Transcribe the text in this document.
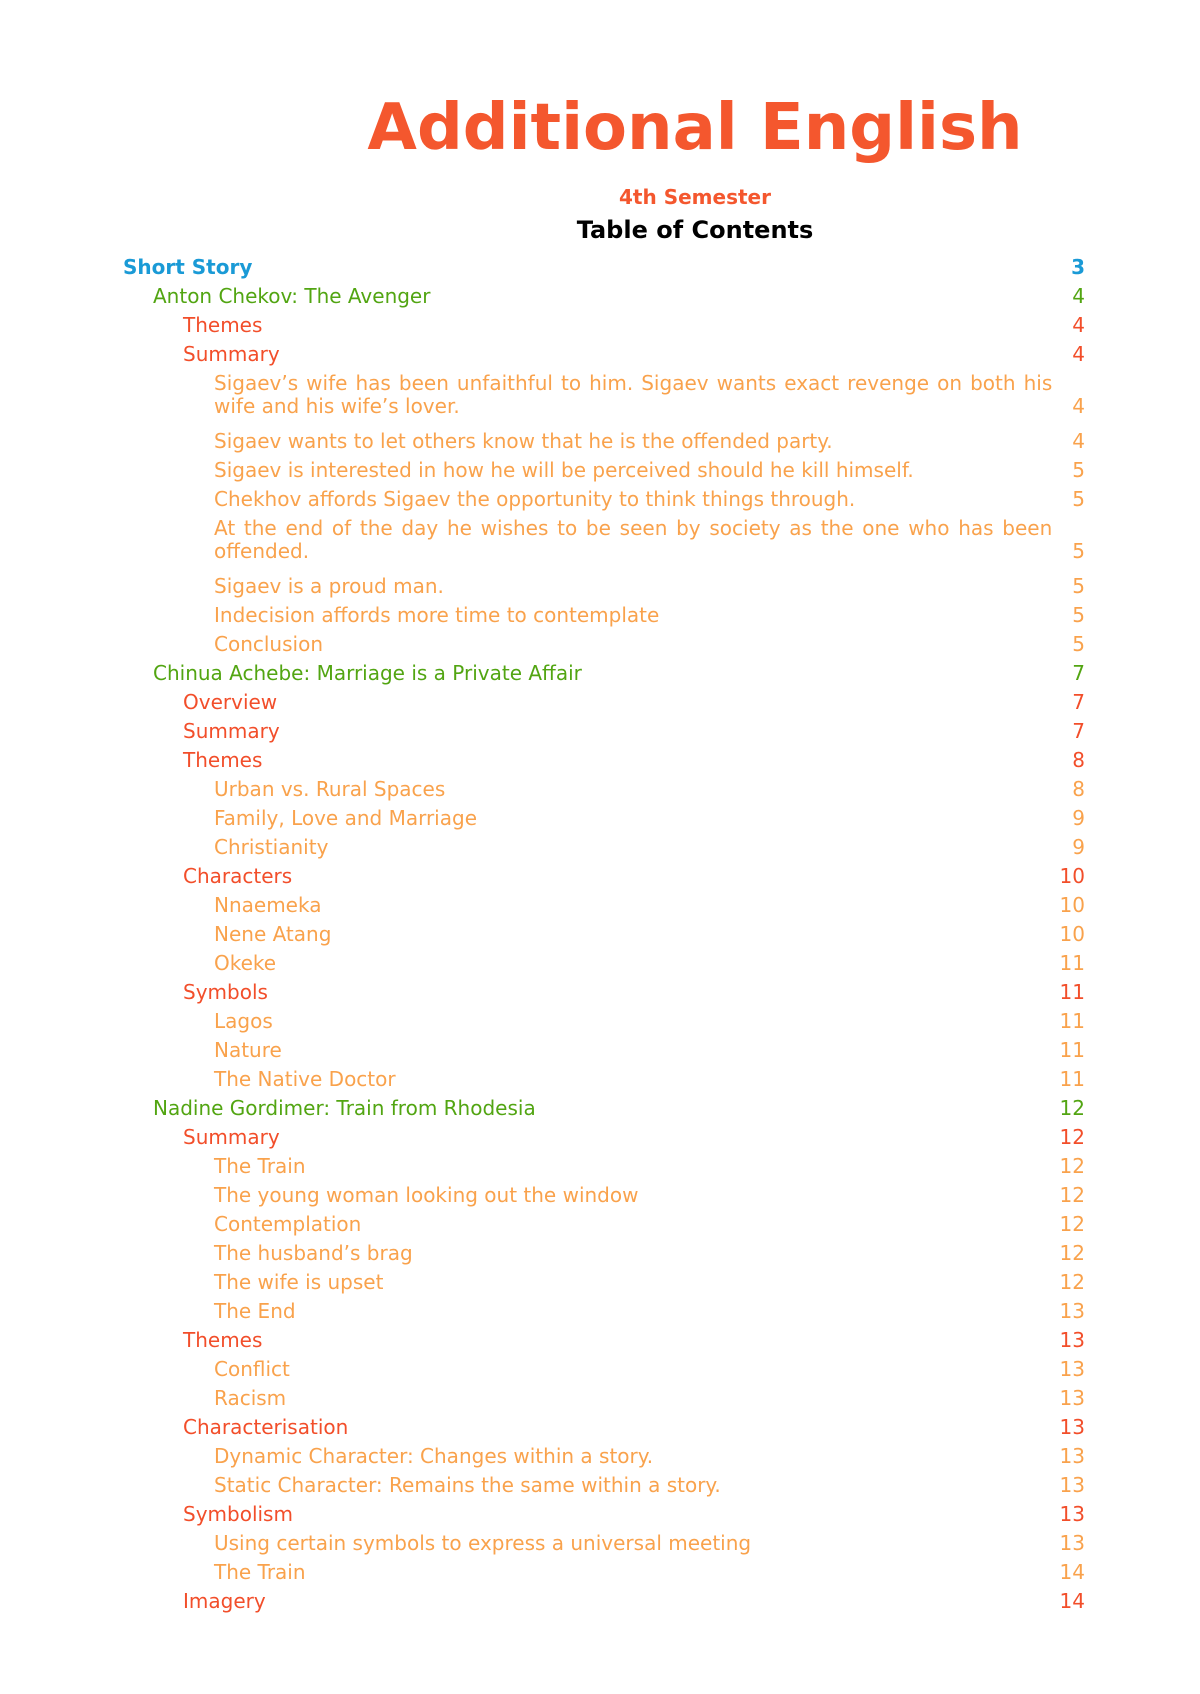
Additional English
4th Semester
Table of Contents
Short Story	3
Anton Chekov: The Avenger	4
Themes	4
Summary	4
Sigaev’s wife has been unfaithful to him. Sigaev wants exact revenge on both his wife and his wife’s lover.	4
Sigaev wants to let others know that he is the offended party.	4
Sigaev is interested in how he will be perceived should he kill himself.	5
Chekhov affords Sigaev the opportunity to think things through.	5
At the end of the day he wishes to be seen by society as the one who has been offended.	5
Sigaev is a proud man.	5
Indecision affords more time to contemplate	5
Conclusion	5
Chinua Achebe: Marriage is a Private Affair	7
Overview	7
Summary	7
Themes	8
Urban vs. Rural Spaces	8
Family, Love and Marriage	9
Christianity	9
Characters	10
Nnaemeka	10
Nene Atang	10
Okeke	11
Symbols	11
Lagos	11
Nature	11
The Native Doctor	11
Nadine Gordimer: Train from Rhodesia	12
Summary	12
The Train	12
The young woman looking out the window	12
Contemplation	12
The husband’s brag	12
The wife is upset	12
The End	13
Themes	13
Conflict	13
Racism	13
Characterisation	13
Dynamic Character: Changes within a story.	13
Static Character: Remains the same within a story.	13
Symbolism	13
Using certain symbols to express a universal meeting	13
The Train	14
Imagery	14
